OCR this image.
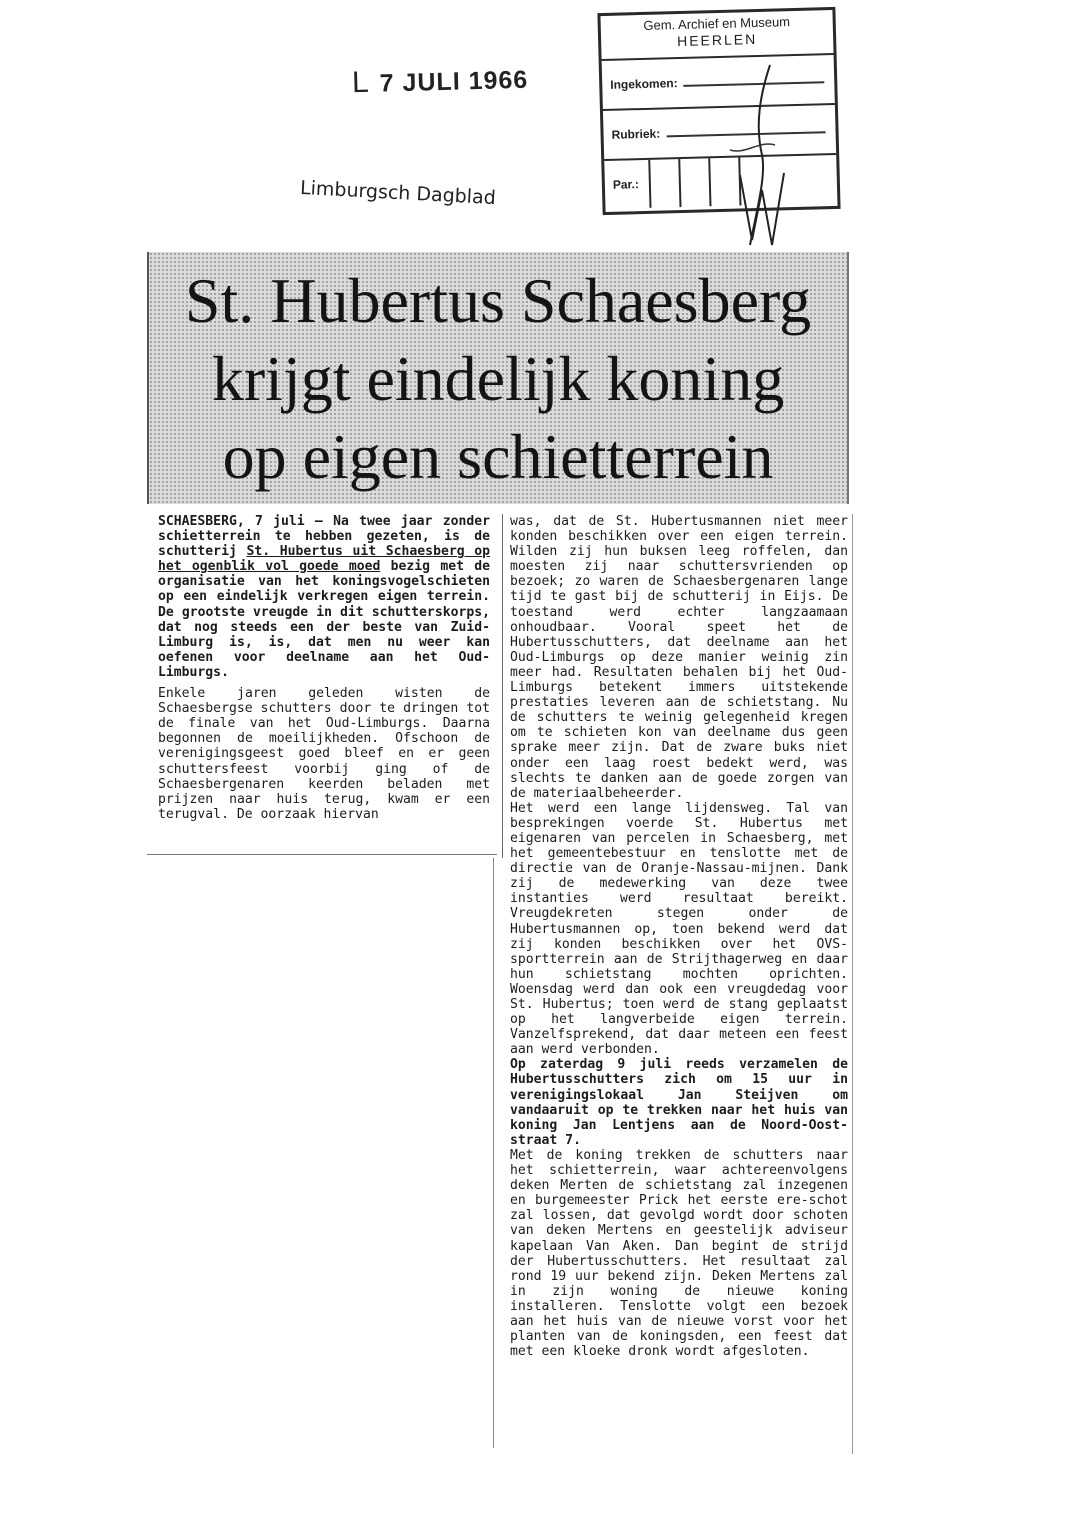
L 7 JULI 1966
Limburgsch Dagblad
Gem. Archief en Museum
HEERLEN
Ingekomen:
Rubriek:
Par.:
St. Hubertus Schaesberg
krijgt eindelijk koning
op eigen schietterrein

SCHAESBERG, 7 juli — Na twee jaar zonder schietterrein te hebben gezeten, is de schutterij St. Hubertus uit Schaesberg op het ogenblik vol goede moed bezig met de organisatie van het koningsvogelschieten op een eindelijk verkregen eigen terrein. De grootste vreugde in dit schutterskorps, dat nog steeds een der beste van Zuid-Limburg is, is, dat men nu weer kan oefenen voor deelname aan het Oud-Limburgs.

Enkele jaren geleden wisten de Schaesbergse schutters door te dringen tot de finale van het Oud-Limburgs. Daarna begonnen de moeilijkheden. Ofschoon de verenigingsgeest goed bleef en er geen schuttersfeest voorbij ging of de Schaesbergenaren keerden beladen met prijzen naar huis terug, kwam er een terugval. De oorzaak hiervan

was, dat de St. Hubertusmannen niet meer konden beschikken over een eigen terrein. Wilden zij hun buksen leeg roffelen, dan moesten zij naar schuttersvrienden op bezoek; zo waren de Schaesbergenaren lange tijd te gast bij de schutterij in Eijs. De toestand werd echter langzaamaan onhoudbaar. Vooral speet het de Hubertusschutters, dat deelname aan het Oud-Limburgs op deze manier weinig zin meer had. Resultaten behalen bij het Oud-Limburgs betekent immers uitstekende prestaties leveren aan de schietstang. Nu de schutters te weinig gelegenheid kregen om te schieten kon van deelname dus geen sprake meer zijn. Dat de zware buks niet onder een laag roest bedekt werd, was slechts te danken aan de goede zorgen van de materiaalbeheerder.

Het werd een lange lijdensweg. Tal van besprekingen voerde St. Hubertus met eigenaren van percelen in Schaesberg, met het gemeentebestuur en tenslotte met de directie van de Oranje-Nassau-mijnen. Dank zij de medewerking van deze twee instanties werd resultaat bereikt. Vreugdekreten stegen onder de Hubertusmannen op, toen bekend werd dat zij konden beschikken over het OVS-sportterrein aan de Strijthagerweg en daar hun schietstang mochten oprichten. Woensdag werd dan ook een vreugdedag voor St. Hubertus; toen werd de stang geplaatst op het langverbeide eigen terrein. Vanzelfsprekend, dat daar meteen een feest aan werd verbonden.

Op zaterdag 9 juli reeds verzamelen de Hubertusschutters zich om 15 uur in verenigingslokaal Jan Steijven om vandaaruit op te trekken naar het huis van koning Jan Lentjens aan de Noord-Oost-straat 7.

Met de koning trekken de schutters naar het schietterrein, waar achtereenvolgens deken Merten de schietstang zal inzegenen en burgemeester Prick het eerste ere-schot zal lossen, dat gevolgd wordt door schoten van deken Mertens en geestelijk adviseur kapelaan Van Aken. Dan begint de strijd der Hubertusschutters. Het resultaat zal rond 19 uur bekend zijn. Deken Mertens zal in zijn woning de nieuwe koning installeren. Tenslotte volgt een bezoek aan het huis van de nieuwe vorst voor het planten van de koningsden, een feest dat met een kloeke dronk wordt afgesloten.
